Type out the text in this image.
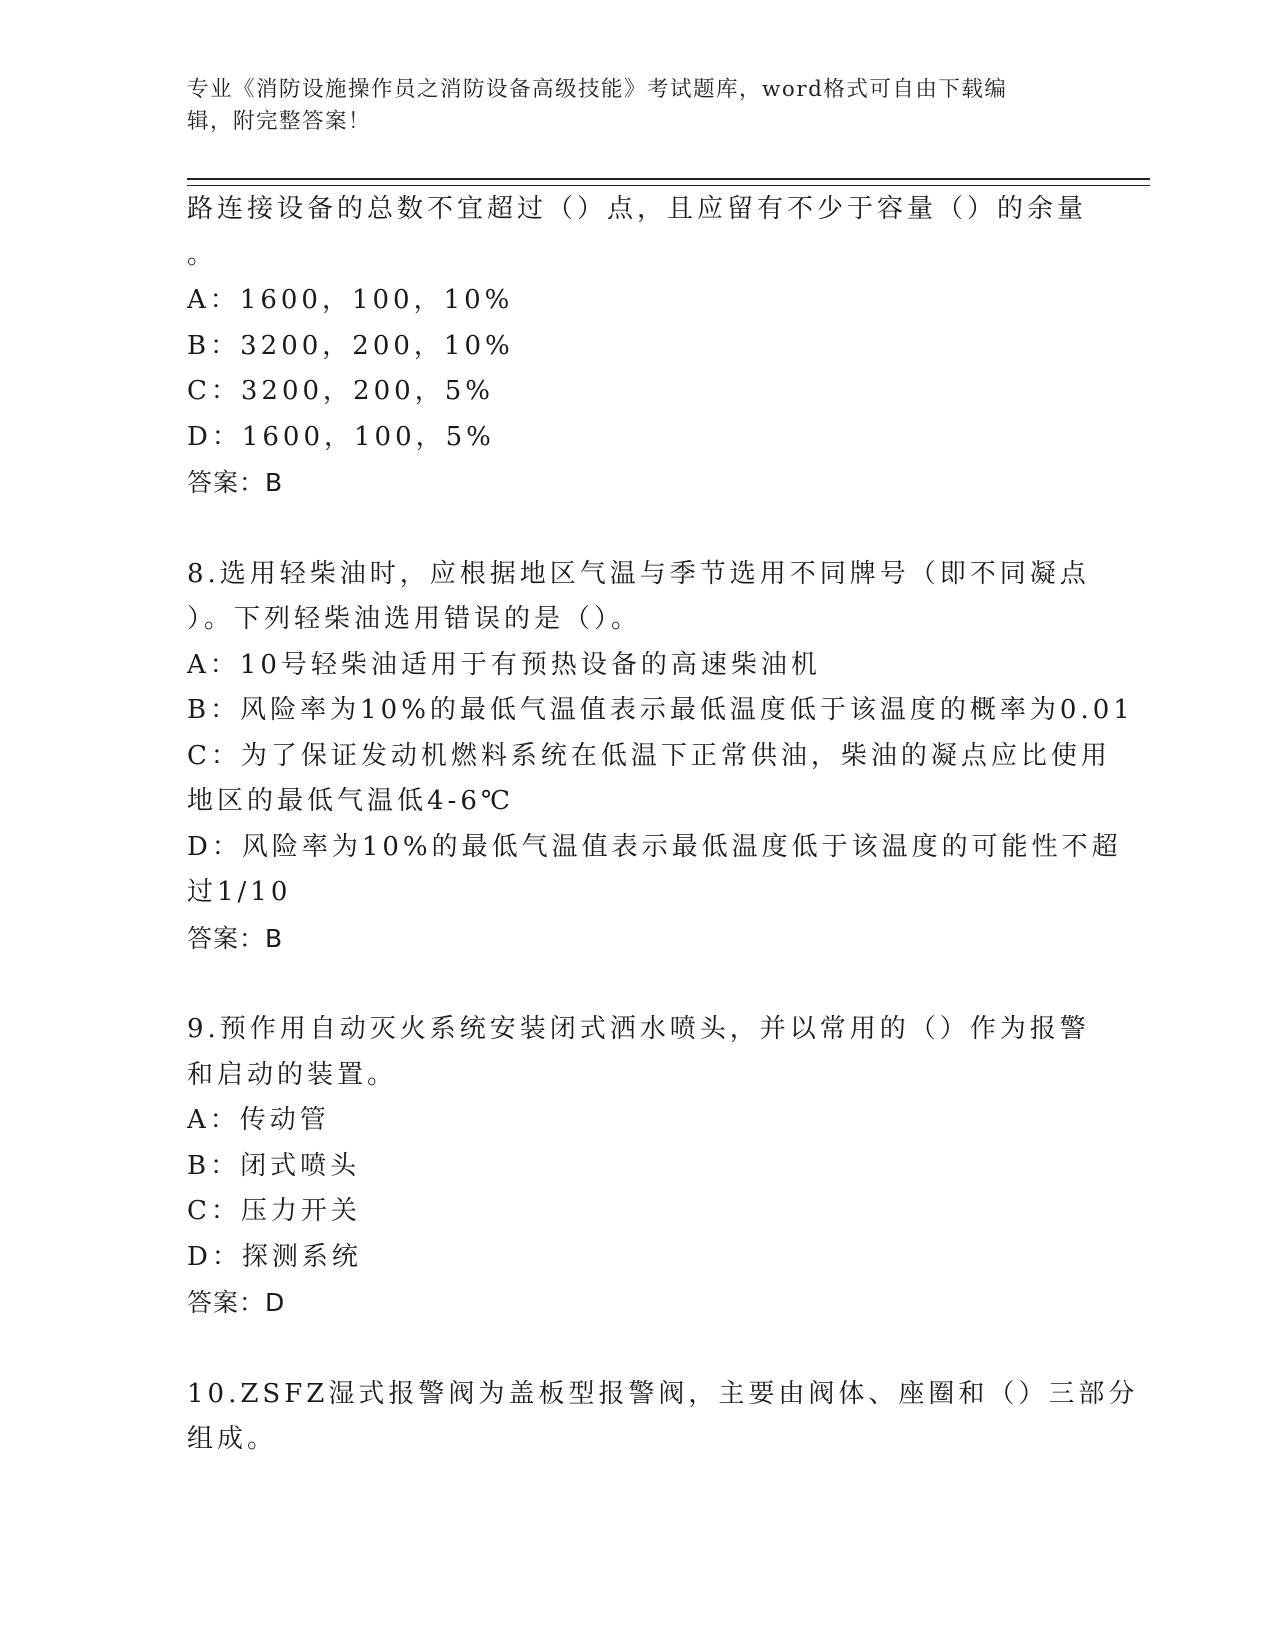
专业《消防设施操作员之消防设备高级技能》考试题库，word格式可自由下载编
辑，附完整答案！
路连接设备的总数不宜超过（）点，且应留有不少于容量（）的余量
。
A：1600，100，10%
B：3200，200，10%
C：3200，200，5%
D：1600，100，5%
答案：B
8.选用轻柴油时，应根据地区气温与季节选用不同牌号（即不同凝点
）。下列轻柴油选用错误的是（）。
A：10号轻柴油适用于有预热设备的高速柴油机
B：风险率为10%的最低气温值表示最低温度低于该温度的概率为0.01
C：为了保证发动机燃料系统在低温下正常供油，柴油的凝点应比使用
地区的最低气温低4-6℃
D：风险率为10%的最低气温值表示最低温度低于该温度的可能性不超
过1/10
答案：B
9.预作用自动灭火系统安装闭式洒水喷头，并以常用的（）作为报警
和启动的装置。
A：传动管
B：闭式喷头
C：压力开关
D：探测系统
答案：D
10.ZSFZ湿式报警阀为盖板型报警阀，主要由阀体、座圈和（）三部分
组成。
